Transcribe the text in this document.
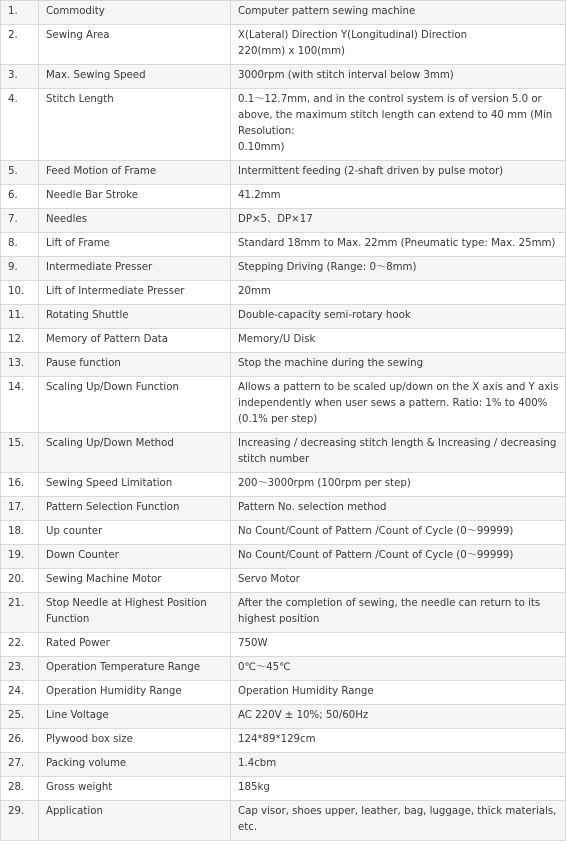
1.	Commodity	Computer pattern sewing machine
2.	Sewing Area	X(Lateral) Direction Y(Longitudinal) Direction
220(mm) x 100(mm)
3.	Max. Sewing Speed	3000rpm (with stitch interval below 3mm)
4.	Stitch Length	0.1～12.7mm, and in the control system is of version 5.0 or above, the maximum stitch length can extend to 40 mm (Min Resolution:
0.10mm)
5.	Feed Motion of Frame	Intermittent feeding (2-shaft driven by pulse motor)
6.	Needle Bar Stroke	41.2mm
7.	Needles	DP×5、DP×17
8.	Lift of Frame	Standard 18mm to Max. 22mm (Pneumatic type: Max. 25mm)
9.	Intermediate Presser	Stepping Driving (Range: 0～8mm)
10.	Lift of Intermediate Presser	20mm
11.	Rotating Shuttle	Double-capacity semi-rotary hook
12.	Memory of Pattern Data	Memory/U Disk
13.	Pause function	Stop the machine during the sewing
14.	Scaling Up/Down Function	Allows a pattern to be scaled up/down on the X axis and Y axis independently when user sews a pattern. Ratio: 1% to 400% (0.1% per step)
15.	Scaling Up/Down Method	Increasing / decreasing stitch length & Increasing / decreasing stitch number
16.	Sewing Speed Limitation	200～3000rpm (100rpm per step)
17.	Pattern Selection Function	Pattern No. selection method
18.	Up counter	No Count/Count of Pattern /Count of Cycle (0～99999)
19.	Down Counter	No Count/Count of Pattern /Count of Cycle (0～99999)
20.	Sewing Machine Motor	Servo Motor
21.	Stop Needle at Highest Position Function	After the completion of sewing, the needle can return to its highest position
22.	Rated Power	750W
23.	Operation Temperature Range	0℃～45℃
24.	Operation Humidity Range	Operation Humidity Range
25.	Line Voltage	AC 220V ± 10%; 50/60Hz
26.	Plywood box size	124*89*129cm
27.	Packing volume	1.4cbm
28.	Gross weight	185kg
29.	Application	Cap visor, shoes upper, leather, bag, luggage, thick materials, etc.
